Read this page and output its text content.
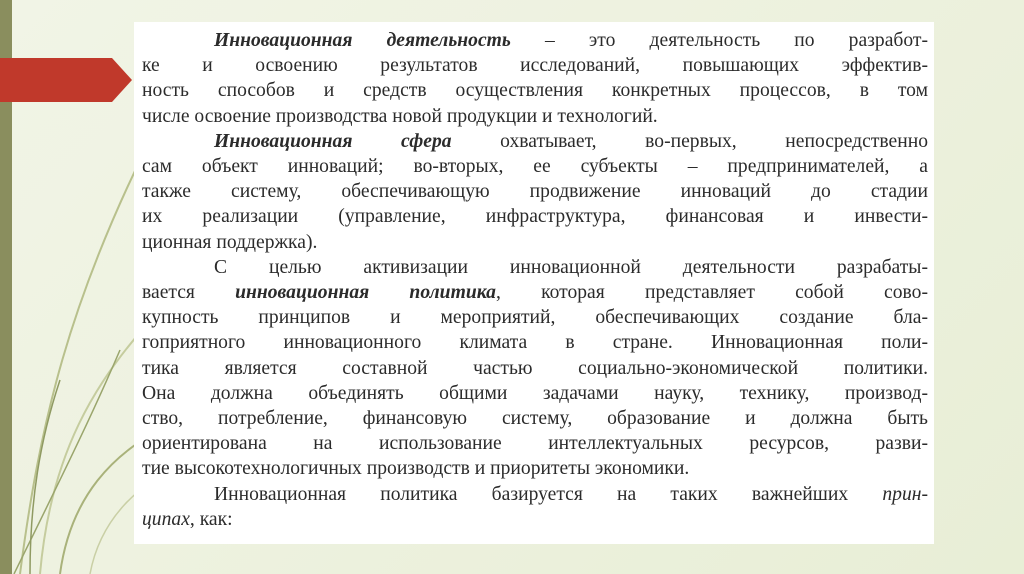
Инновационная деятельность – это деятельность по разработ-
ке и освоению результатов исследований, повышающих эффектив-
ность способов и средств осуществления конкретных процессов, в том
числе освоение производства новой продукции и технологий.
Инновационная сфера охватывает, во-первых, непосредственно
сам объект инноваций; во-вторых, ее субъекты – предпринимателей, а
также систему, обеспечивающую продвижение инноваций до стадии
их реализации (управление, инфраструктура, финансовая и инвести-
ционная поддержка).
С целью активизации инновационной деятельности разрабаты-
вается инновационная политика, которая представляет собой сово-
купность принципов и мероприятий, обеспечивающих создание бла-
гоприятного инновационного климата в стране. Инновационная поли-
тика является составной частью социально-экономической политики.
Она должна объединять общими задачами науку, технику, производ-
ство, потребление, финансовую систему, образование и должна быть
ориентирована на использование интеллектуальных ресурсов, разви-
тие высокотехнологичных производств и приоритеты экономики.
Инновационная политика базируется на таких важнейших прин-
ципах, как:
